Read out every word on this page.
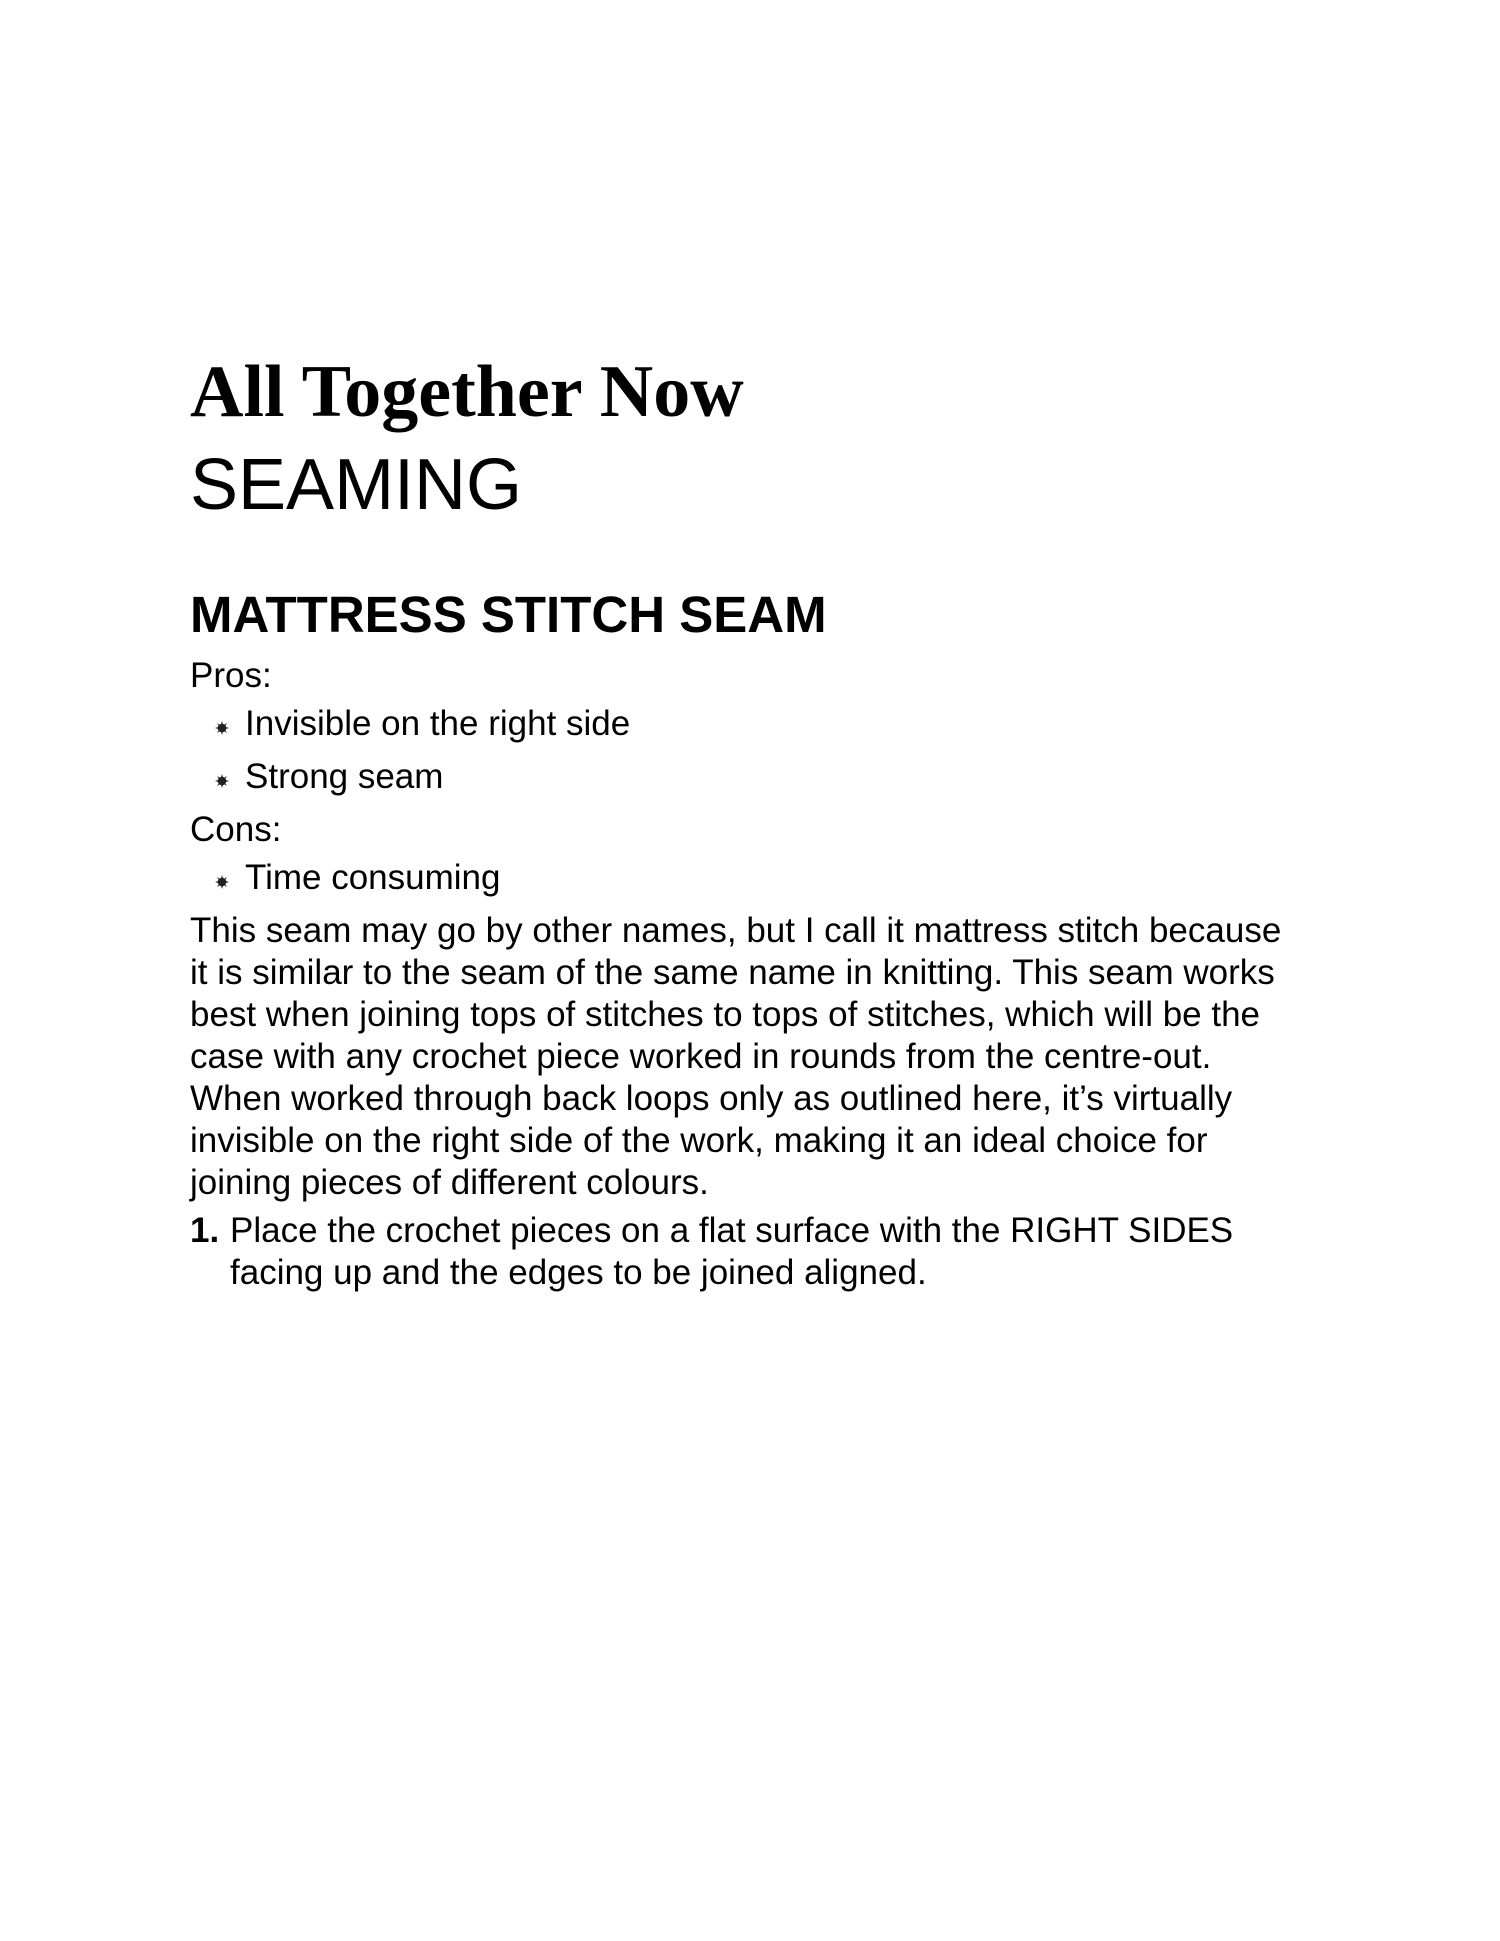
All Together Now
SEAMING
MATTRESS STITCH SEAM

Pros:

Invisible on the right side
Strong seam

Cons:

Time consuming

This seam may go by other names, but I call it mattress stitch because it is similar to the seam of the same name in knitting. This seam works best when joining tops of stitches to tops of stitches, which will be the case with any crochet piece worked in rounds from the centre-out. When worked through back loops only as outlined here, it’s virtually invisible on the right side of the work, making it an ideal choice for joining pieces of different colours.

1. Place the crochet pieces on a flat surface with the RIGHT SIDES facing up and the edges to be joined aligned.
